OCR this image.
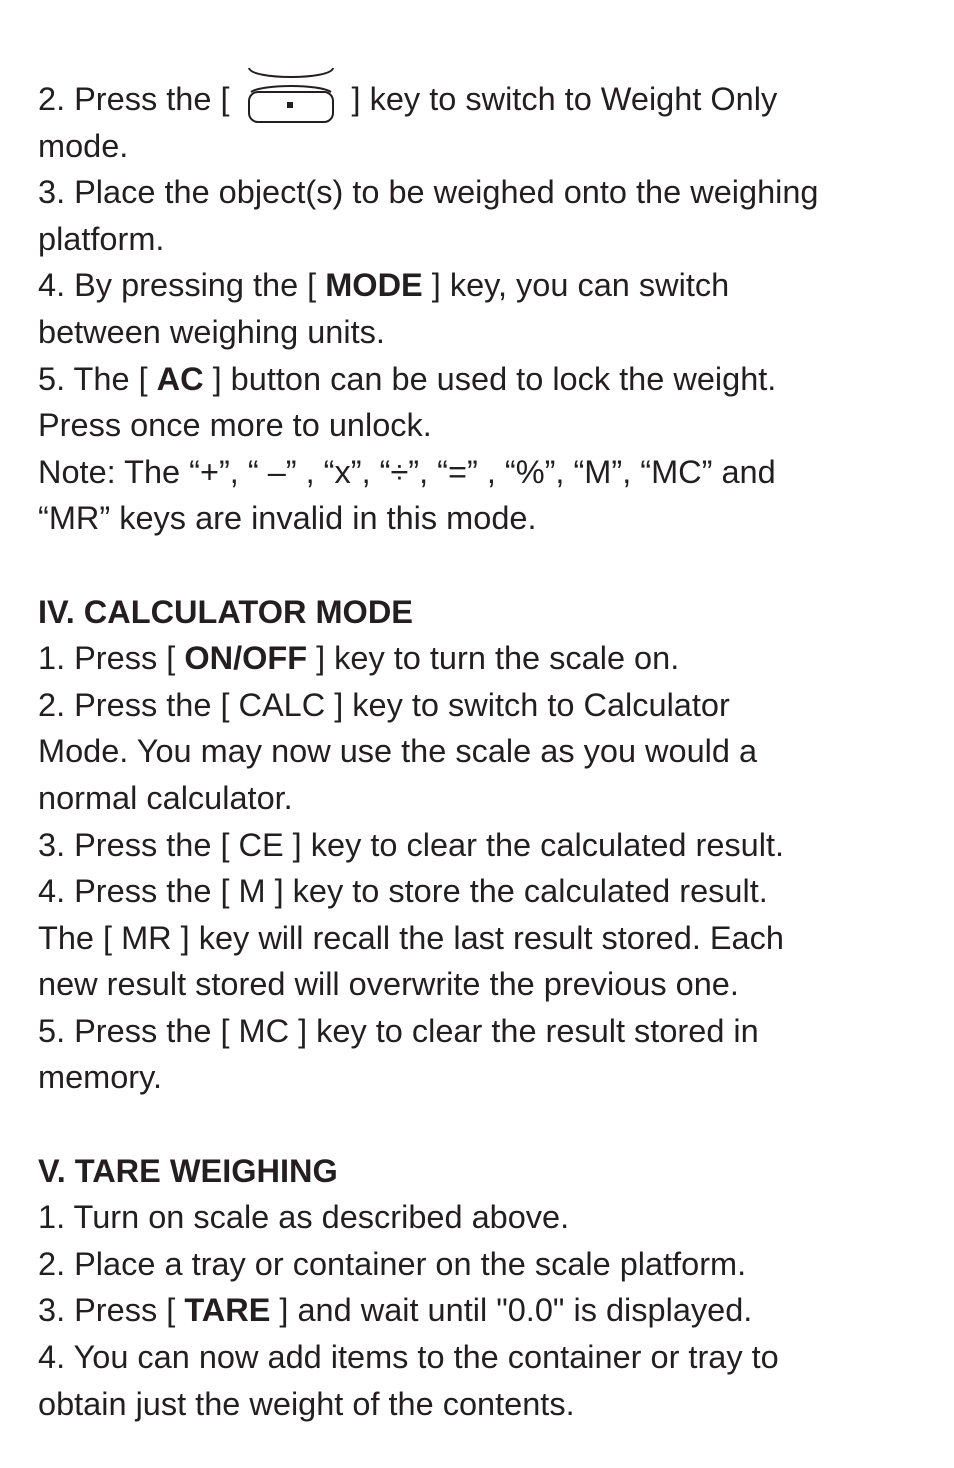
2. Press the [	] key to switch to Weight Only
mode.
3. Place the object(s) to be weighed onto the weighing
platform.
4. By pressing the [ MODE ] key, you can switch
between weighing units.
5. The [ AC ] button can be used to lock the weight.
Press once more to unlock.
Note: The “+”, “ –” , “x”, “÷”, “=” , “%”, “M”, “MC” and
“MR” keys are invalid in this mode.
IV. CALCULATOR MODE
1. Press [ ON/OFF ] key to turn the scale on.
2. Press the [ CALC ] key to switch to Calculator
Mode. You may now use the scale as you would a
normal calculator.
3. Press the [ CE ] key to clear the calculated result.
4. Press the [ M ] key to store the calculated result.
The [ MR ] key will recall the last result stored. Each
new result stored will overwrite the previous one.
5. Press the [ MC ] key to clear the result stored in
memory.
V. TARE WEIGHING
1. Turn on scale as described above.
2. Place a tray or container on the scale platform.
3. Press [ TARE ] and wait until "0.0" is displayed.
4. You can now add items to the container or tray to
obtain just the weight of the contents.
